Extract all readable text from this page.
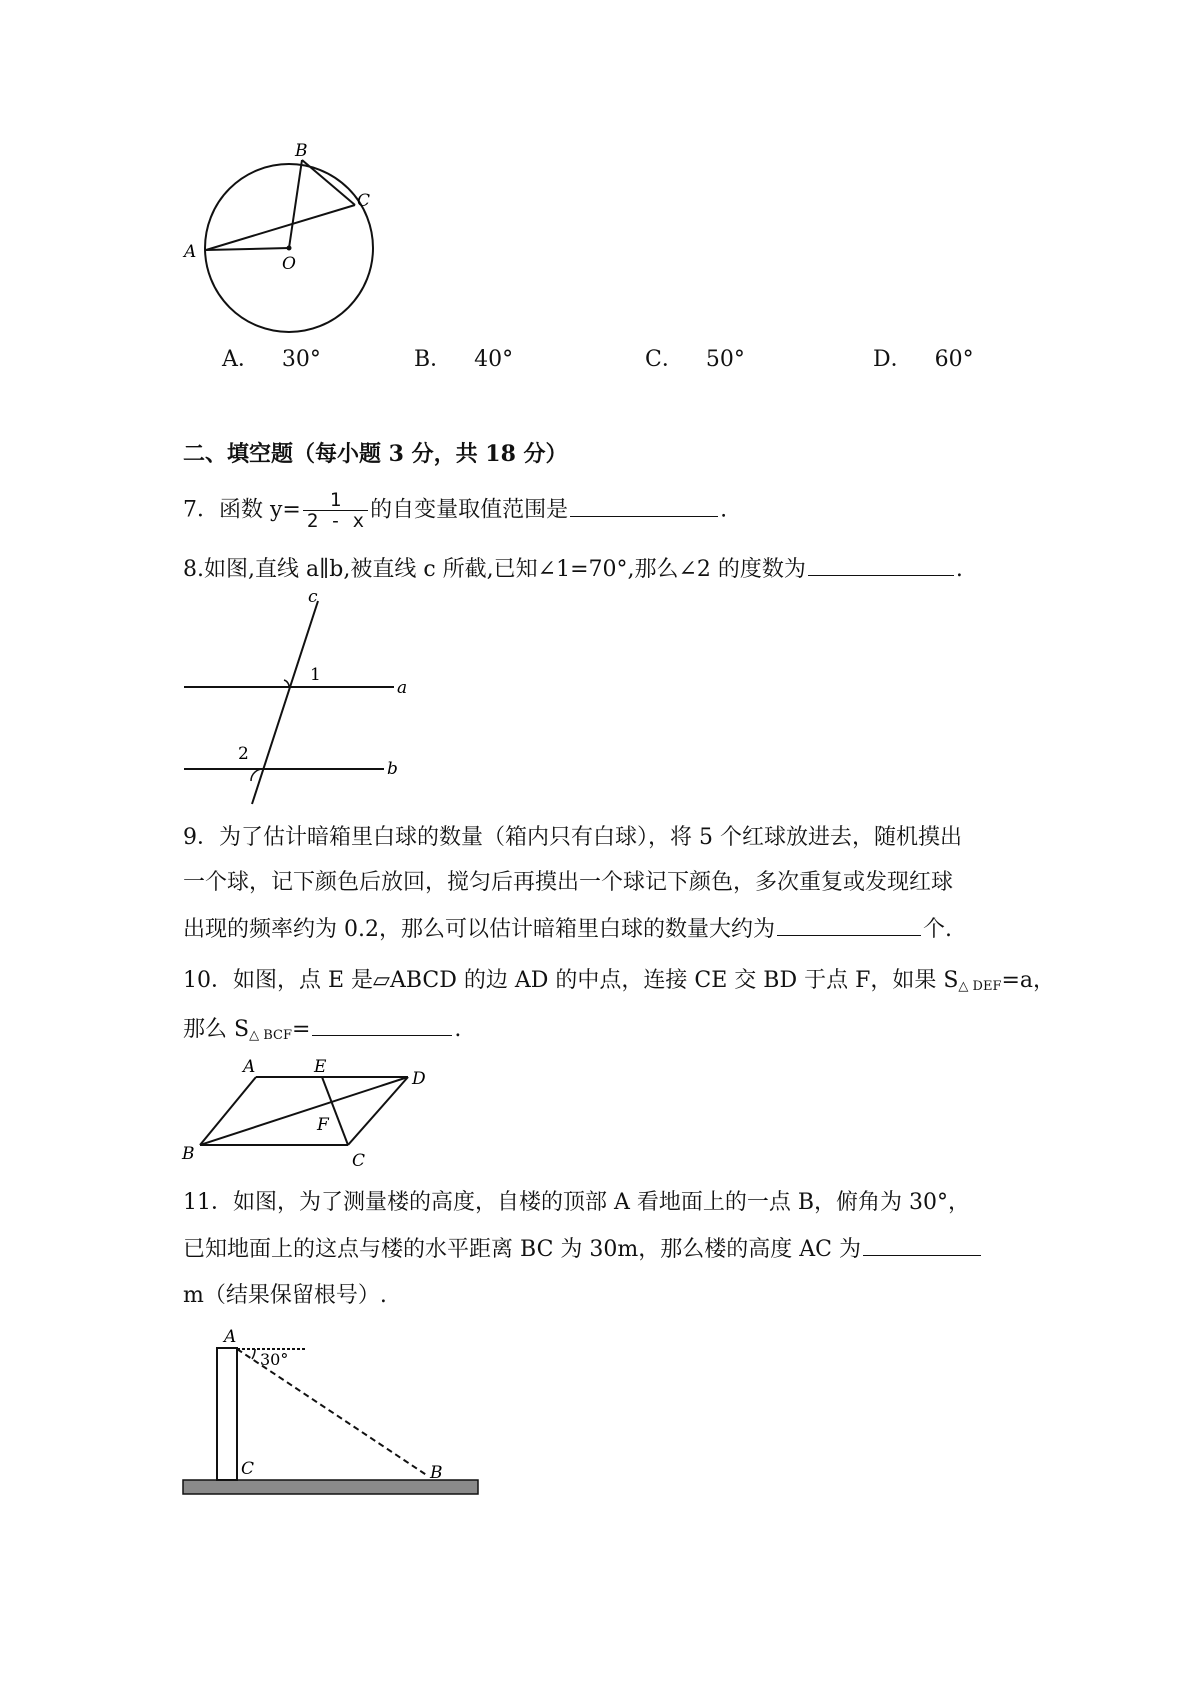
B
C
A
O
A． 30°	B． 40°	C． 50°	D． 60°
二、填空题（每小题 3 分，共 18 分）
7．函数 $y= \frac{1}{2 - x}$ 的自变量取值范围是	.
8.如图,直线 a∥b,被直线 c 所截,已知∠1=70°,那么∠2 的度数为	.
c
1
a
2
b
9．为了估计暗箱里白球的数量（箱内只有白球），将 5 个红球放进去，随机摸出
一个球，记下颜色后放回，搅匀后再摸出一个球记下颜色，多次重复或发现红球
出现的频率约为 0.2，那么可以估计暗箱里白球的数量大约为	个.
10．如图，点 E 是▱ABCD 的边 AD 的中点，连接 CE 交 BD 于点 F，如果 $S_{\triangle DEF}=a$，
那么 $S_{\triangle BCF}=$	.
A	E
D
F
B	C
11．如图，为了测量楼的高度，自楼的顶部 A 看地面上的一点 B，俯角为 30°，
已知地面上的这点与楼的水平距离 BC 为 30m，那么楼的高度 AC 为
m（结果保留根号）.
A
30°
C	B
